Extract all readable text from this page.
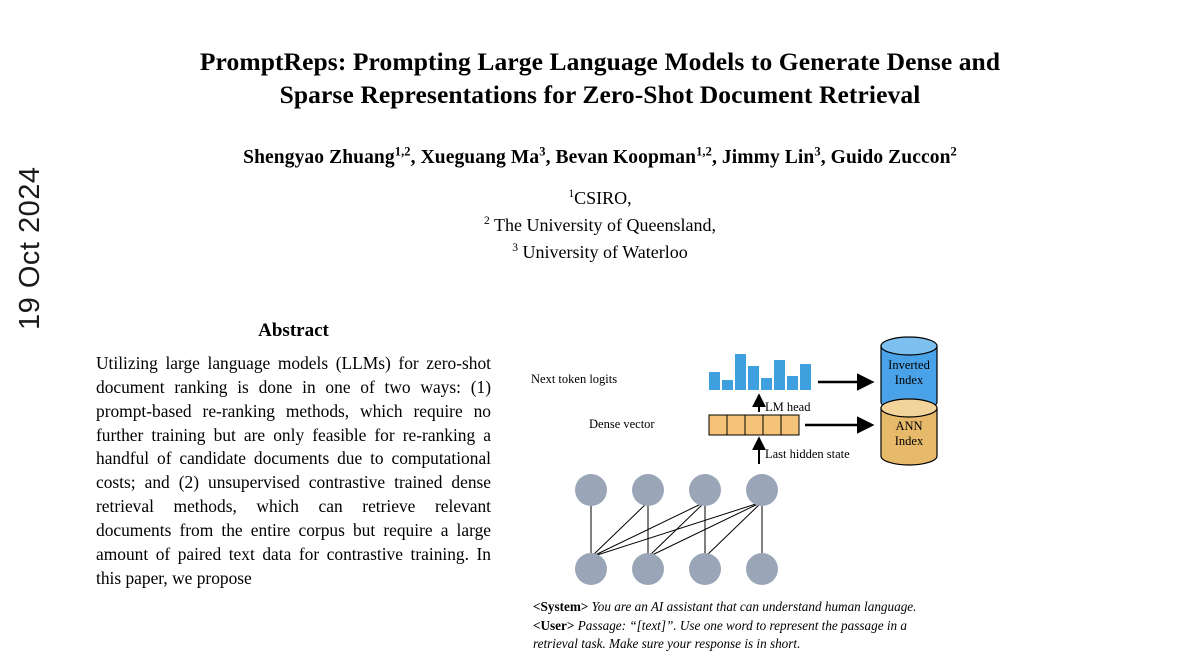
19 Oct 2024
PromptReps: Prompting Large Language Models to Generate Dense and
Sparse Representations for Zero-Shot Document Retrieval

Shengyao Zhuang$^{1,2}$, Xueguang Ma$^3$, Bevan Koopman$^{1,2}$, Jimmy Lin$^3$, Guido Zuccon$^2$

$^1$CSIRO,
$^2$ The University of Queensland,
$^3$ University of Waterloo

Abstract

Utilizing large language models (LLMs) for zero-shot document ranking is done in one of two ways: (1) prompt-based re-ranking methods, which require no further training but are only feasible for re-ranking a handful of candidate documents due to computational costs; and (2) unsupervised contrastive trained dense retrieval methods, which can retrieve relevant documents from the entire corpus but require a large amount of paired text data for contrastive training. In this paper, we propose

Next token logits
LM head
Dense vector
Last hidden state
Inverted
Index
ANN
Index
<System> You are an AI assistant that can understand human language.
<User> Passage: “[text]”. Use one word to represent the passage in a
retrieval task. Make sure your response is in short.
